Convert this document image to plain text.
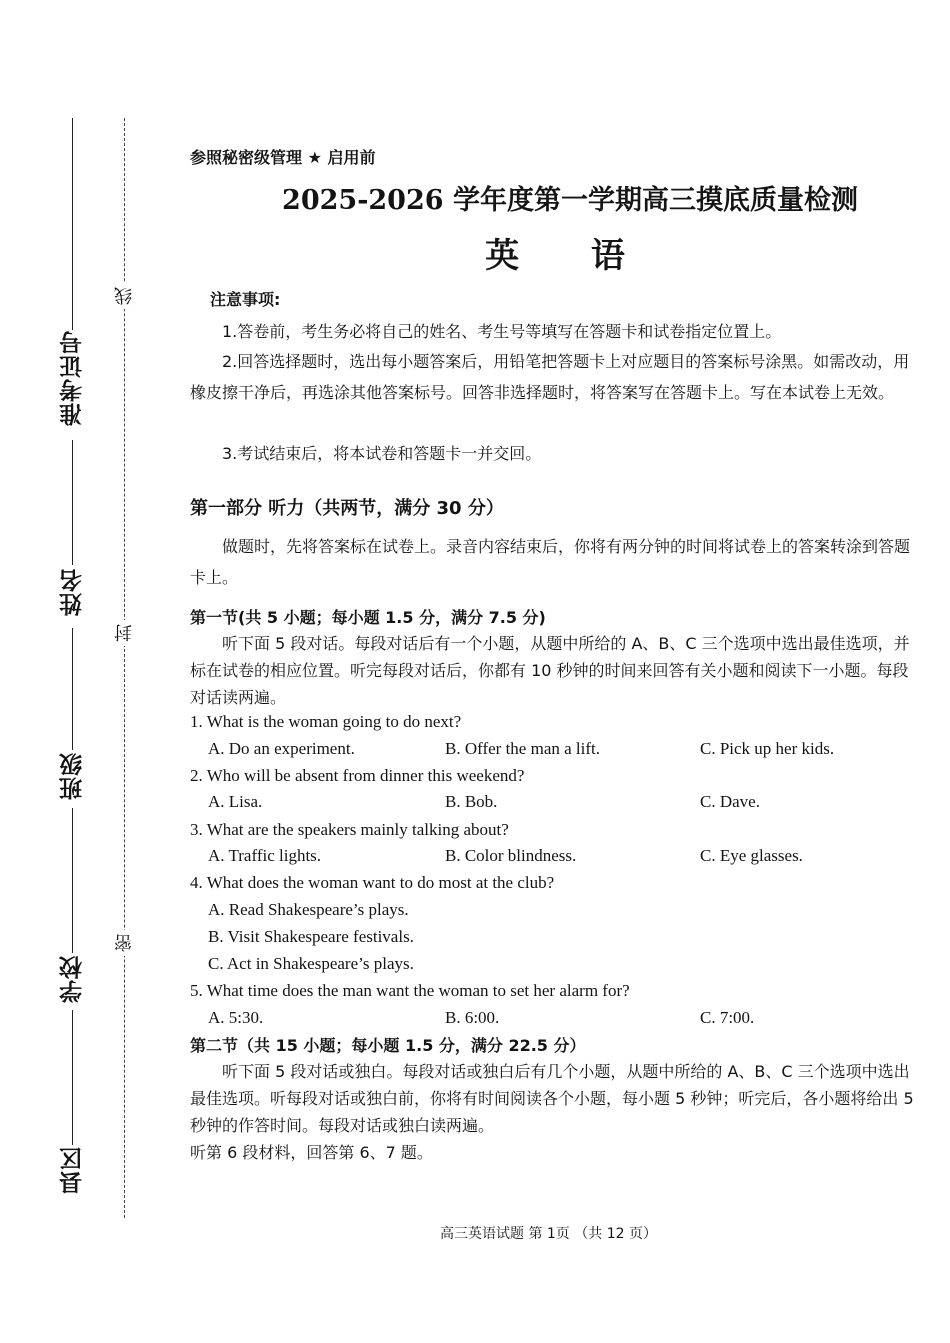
准考证号
姓名
班级
学校
县区
线
封
密
参照秘密级管理 ★ 启用前
2025-2026 学年度第一学期高三摸底质量检测
英 语
注意事项:
1.答卷前，考生务必将自己的姓名、考生号等填写在答题卡和试卷指定位置上。
2.回答选择题时，选出每小题答案后，用铅笔把答题卡上对应题目的答案标号涂黑。如需改动，用橡皮擦干净后，再选涂其他答案标号。回答非选择题时，将答案写在答题卡上。写在本试卷上无效。
3.考试结束后，将本试卷和答题卡一并交回。
第一部分 听力（共两节，满分 30 分）
做题时，先将答案标在试卷上。录音内容结束后，你将有两分钟的时间将试卷上的答案转涂到答题卡上。
第一节(共 5 小题；每小题 1.5 分，满分 7.5 分)
听下面 5 段对话。每段对话后有一个小题，从题中所给的 A、B、C 三个选项中选出最佳选项，并标在试卷的相应位置。听完每段对话后，你都有 10 秒钟的时间来回答有关小题和阅读下一小题。每段对话读两遍。
1. What is the woman going to do next?
A. Do an experiment.	B. Offer the man a lift.	C. Pick up her kids.
2. Who will be absent from dinner this weekend?
A. Lisa.	B. Bob.	C. Dave.
3. What are the speakers mainly talking about?
A. Traffic lights.	B. Color blindness.	C. Eye glasses.
4. What does the woman want to do most at the club?
A. Read Shakespeare’s plays.
B. Visit Shakespeare festivals.
C. Act in Shakespeare’s plays.
5. What time does the man want the woman to set her alarm for?
A. 5:30.	B. 6:00.	C. 7:00.
第二节（共 15 小题；每小题 1.5 分，满分 22.5 分）
听下面 5 段对话或独白。每段对话或独白后有几个小题，从题中所给的 A、B、C 三个选项中选出最佳选项。听每段对话或独白前，你将有时间阅读各个小题，每小题 5 秒钟；听完后，各小题将给出 5 秒钟的作答时间。每段对话或独白读两遍。
听第 6 段材料，回答第 6、7 题。
高三英语试题 第 1页 （共 12 页）
